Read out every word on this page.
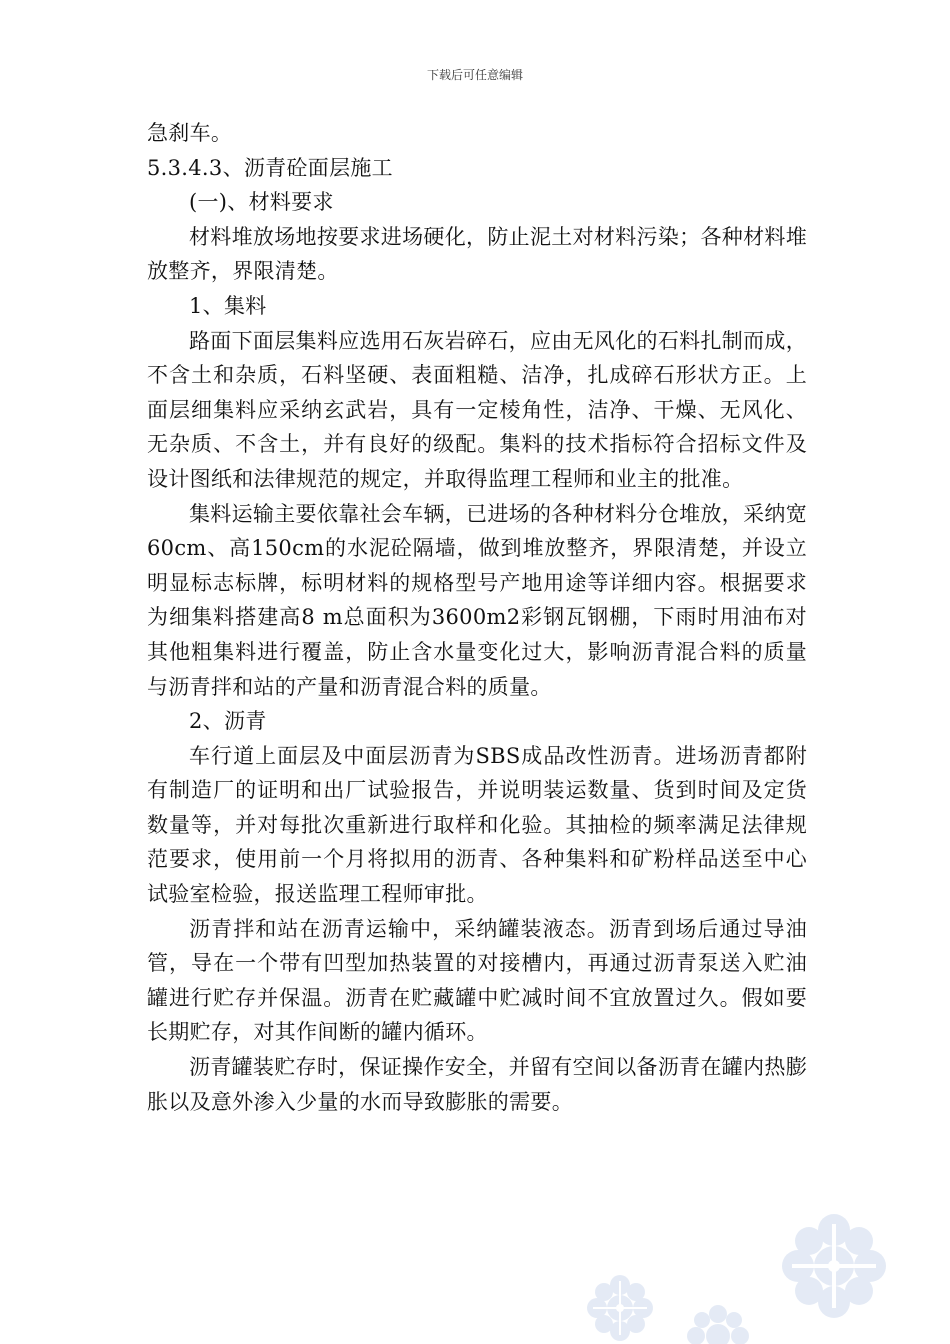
下载后可任意编辑
急刹车。
5.3.4.3、沥青砼面层施工
(一)、材料要求
材料堆放场地按要求进场硬化，防止泥土对材料污染；各种材料堆放整齐，界限清楚。
1、集料
路面下面层集料应选用石灰岩碎石，应由无风化的石料扎制而成，不含土和杂质，石料坚硬、表面粗糙、洁净，扎成碎石形状方正。上面层细集料应采纳玄武岩，具有一定棱角性，洁净、干燥、无风化、无杂质、不含土，并有良好的级配。集料的技术指标符合招标文件及设计图纸和法律规范的规定，并取得监理工程师和业主的批准。
集料运输主要依靠社会车辆，已进场的各种材料分仓堆放，采纳宽60cm、高150cm的水泥砼隔墙，做到堆放整齐，界限清楚，并设立明显标志标牌，标明材料的规格型号产地用途等详细内容。根据要求为细集料搭建高8 m总面积为3600m2彩钢瓦钢棚，下雨时用油布对其他粗集料进行覆盖，防止含水量变化过大，影响沥青混合料的质量与沥青拌和站的产量和沥青混合料的质量。
2、沥青
车行道上面层及中面层沥青为SBS成品改性沥青。进场沥青都附有制造厂的证明和出厂试验报告，并说明装运数量、货到时间及定货数量等，并对每批次重新进行取样和化验。其抽检的频率满足法律规范要求，使用前一个月将拟用的沥青、各种集料和矿粉样品送至中心试验室检验，报送监理工程师审批。
沥青拌和站在沥青运输中，采纳罐装液态。沥青到场后通过导油管，导在一个带有凹型加热装置的对接槽内，再通过沥青泵送入贮油罐进行贮存并保温。沥青在贮藏罐中贮减时间不宜放置过久。假如要长期贮存，对其作间断的罐内循环。
沥青罐装贮存时，保证操作安全，并留有空间以备沥青在罐内热膨胀以及意外渗入少量的水而导致膨胀的需要。
